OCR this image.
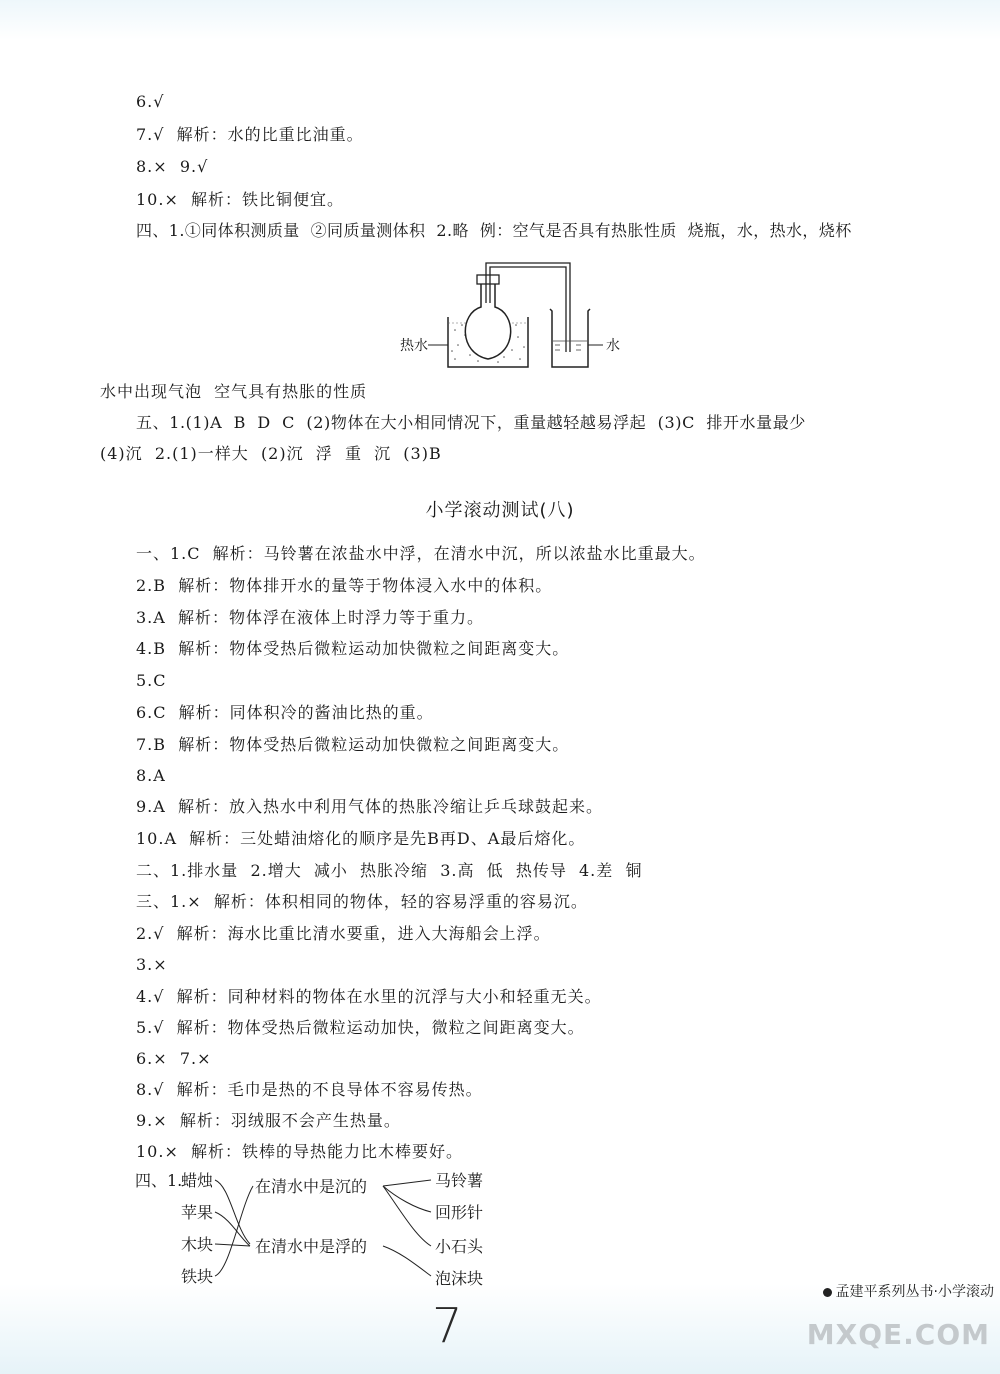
6.√
7.√  解析：水的比重比油重。
8.×  9.√
10.×  解析：铁比铜便宜。
四、1.①同体积测质量  ②同质量测体积  2.略  例：空气是否具有热胀性质  烧瓶，水，热水，烧杯
热水	水
水中出现气泡  空气具有热胀的性质
五、1.(1)A  B  D  C  (2)物体在大小相同情况下，重量越轻越易浮起  (3)C  排开水量最少
(4)沉  2.(1)一样大  (2)沉  浮  重  沉  (3)B
小学滚动测试(八)
一、1.C  解析：马铃薯在浓盐水中浮，在清水中沉，所以浓盐水比重最大。
2.B  解析：物体排开水的量等于物体浸入水中的体积。
3.A  解析：物体浮在液体上时浮力等于重力。
4.B  解析：物体受热后微粒运动加快微粒之间距离变大。
5.C
6.C  解析：同体积冷的酱油比热的重。
7.B  解析：物体受热后微粒运动加快微粒之间距离变大。
8.A
9.A  解析：放入热水中利用气体的热胀冷缩让乒乓球鼓起来。
10.A  解析：三处蜡油熔化的顺序是先B再D、A最后熔化。
二、1.排水量  2.增大  减小  热胀冷缩  3.高  低  热传导  4.差  铜
三、1.×  解析：体积相同的物体，轻的容易浮重的容易沉。
2.√  解析：海水比重比清水要重，进入大海船会上浮。
3.×
4.√  解析：同种材料的物体在水里的沉浮与大小和轻重无关。
5.√  解析：物体受热后微粒运动加快，微粒之间距离变大。
6.×  7.×
8.√  解析：毛巾是热的不良导体不容易传热。
9.×  解析：羽绒服不会产生热量。
10.×  解析：铁棒的导热能力比木棒要好。
四、1.
蜡烛
苹果
木块
铁块
在清水中是沉的
在清水中是浮的
马铃薯
回形针
小石头
泡沫块
孟建平系列丛书·小学滚动
7	MXQE.COM
